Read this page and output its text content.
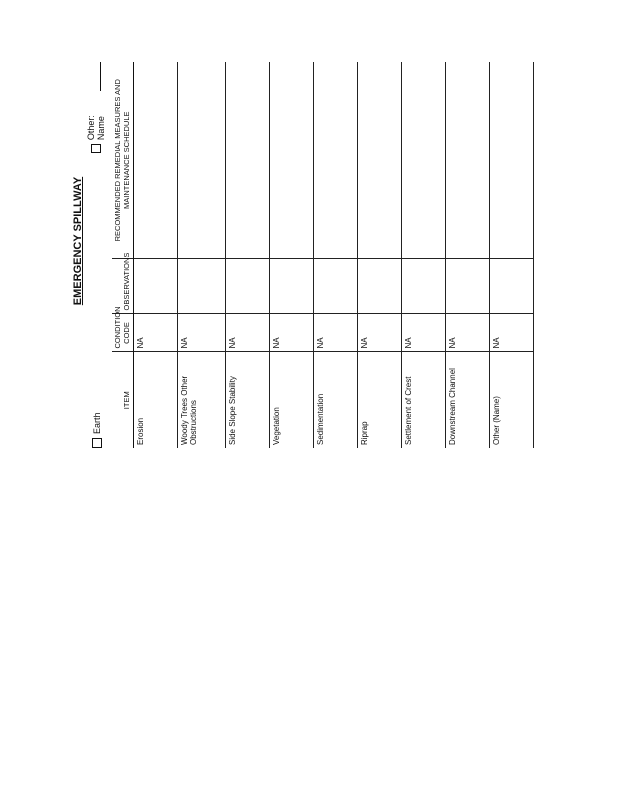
EMERGENCY SPILLWAY
Earth
Other: Name
ITEM	CONDITION CODE	OBSERVATIONS	RECOMMENDED REMEDIAL MEASURES AND MAINTENANCE SCHEDULE
Erosion	NA		
Woody Trees Other Obstructions	NA		
Side Slope Stability	NA		
Vegetation	NA		
Sedimentation	NA		
Riprap	NA		
Settlement of Crest	NA		
Downstream Channel	NA		
Other (Name)	NA		
